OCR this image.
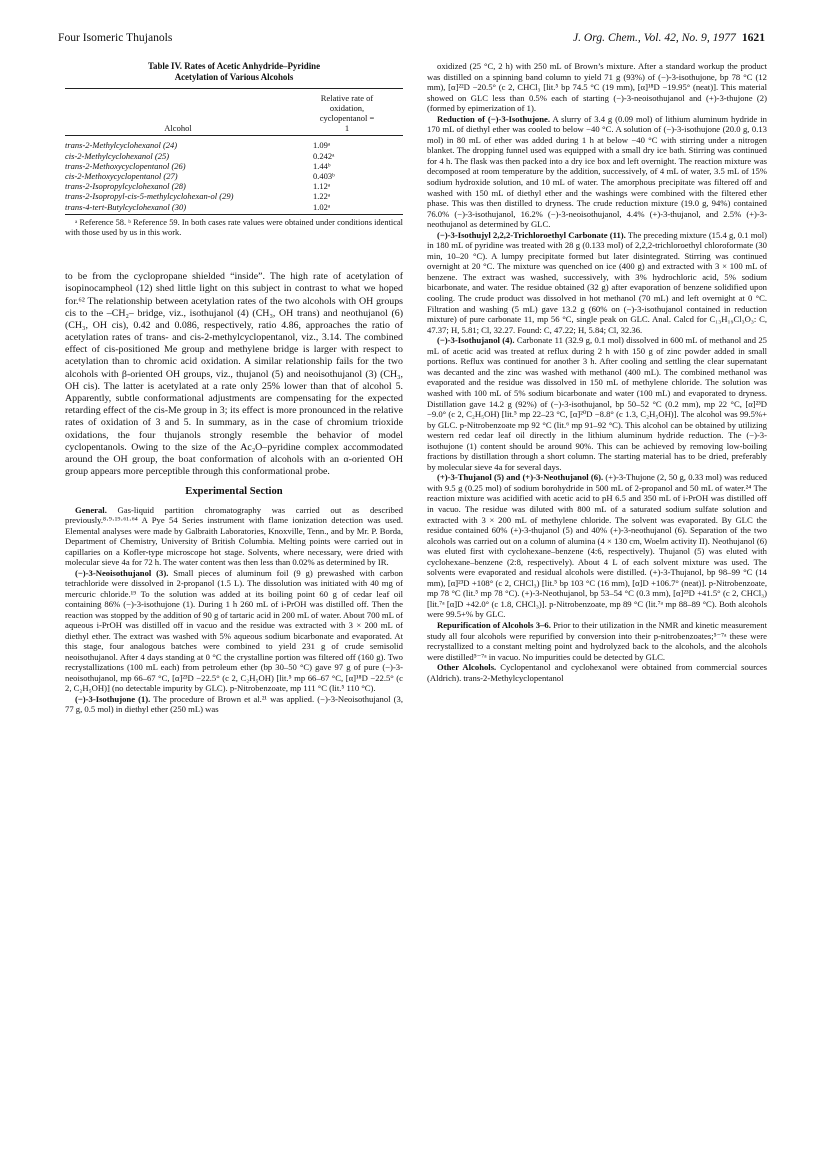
Four Isomeric Thujanols	J. Org. Chem., Vol. 42, No. 9, 1977 1621
Table IV. Rates of Acetic Anhydride–Pyridine
Acetylation of Various Alcohols

Alcohol	Relative rate of
oxidation,
cyclopentanol =
1

trans-2-Methylcyclohexanol (24)	1.09ᵃ
cis-2-Methylcyclohexanol (25)	0.242ᵃ
trans-2-Methoxycyclopentanol (26)	1.44ᵇ
cis-2-Methoxycyclopentanol (27)	0.403ᵇ
trans-2-Isopropylcyclohexanol (28)	1.12ᵃ
trans-2-Isopropyl-cis-5-methylcyclohexan-ol (29)	1.22ᵃ
trans-4-tert-Butylcyclohexanol (30)	1.02ᵃ
ᵃ Reference 58. ᵇ Reference 59. In both cases rate values were obtained under conditions identical with those used by us in this work.

to be from the cyclopropane shielded “inside”. The high rate of acetylation of isopinocampheol (12) shed little light on this subject in contrast to what we hoped for.⁶² The relationship between acetylation rates of the two alcohols with OH groups cis to the –CH₂– bridge, viz., isothujanol (4) (CH₃, OH trans) and neothujanol (6) (CH₃, OH cis), 0.42 and 0.086, respectively, ratio 4.86, approaches the ratio of acetylation rates of trans- and cis-2-methylcyclopentanol, viz., 3.14. The combined effect of cis-positioned Me group and methylene bridge is larger with respect to acetylation than to chromic acid oxidation. A similar relationship fails for the two alcohols with β-oriented OH groups, viz., thujanol (5) and neoisothujanol (3) (CH₃, OH cis). The latter is acetylated at a rate only 25% lower than that of alcohol 5. Apparently, subtle conformational adjustments are compensating for the expected retarding effect of the cis-Me group in 3; its effect is more pronounced in the relative rates of oxidation of 3 and 5. In summary, as in the case of chromium trioxide oxidations, the four thujanols strongly resemble the behavior of model cyclopentanols. Owing to the size of the Ac₂O–pyridine complex accommodated around the OH group, the boat conformation of alcohols with an α-oriented OH group appears more perceptible through this conformational probe.

Experimental Section

General. Gas-liquid partition chromatography was carried out as described previously.⁸·⁹·¹⁹·⁶¹·⁶⁴ A Pye 54 Series instrument with flame ionization detection was used. Elemental analyses were made by Galbraith Laboratories, Knoxville, Tenn., and by Mr. P. Borda, Department of Chemistry, University of British Columbia. Melting points were carried out in capillaries on a Kofler-type microscope hot stage. Solvents, where necessary, were dried with molecular sieve 4a for 72 h. The water content was then less than 0.02% as determined by IR.

(−)-3-Neoisothujanol (3). Small pieces of aluminum foil (9 g) prewashed with carbon tetrachloride were dissolved in 2-propanol (1.5 L). The dissolution was initiated with 40 mg of mercuric chloride.¹⁹ To the solution was added at its boiling point 60 g of cedar leaf oil containing 86% (−)-3-isothujone (1). During 1 h 260 mL of i-PrOH was distilled off. Then the reaction was stopped by the addition of 90 g of tartaric acid in 200 mL of water. About 700 mL of aqueous i-PrOH was distilled off in vacuo and the residue was extracted with 3 × 200 mL of diethyl ether. The extract was washed with 5% aqueous sodium bicarbonate and evaporated. At this stage, four analogous batches were combined to yield 231 g of crude semisolid neoisothujanol. After 4 days standing at 0 °C the crystalline portion was filtered off (160 g). Two recrystallizations (100 mL each) from petroleum ether (bp 30–50 °C) gave 97 g of pure (−)-3-neoisothujanol, mp 66–67 °C, [α]²³D −22.5° (c 2, C₂H₅OH) [lit.⁵ mp 66–67 °C, [α]¹⁸D −22.5° (c 2, C₂H₅OH)] (no detectable impurity by GLC). p-Nitrobenzoate, mp 111 °C (lit.⁵ 110 °C).

(−)-3-Isothujone (1). The procedure of Brown et al.²¹ was applied. (−)-3-Neoisothujanol (3, 77 g, 0.5 mol) in diethyl ether (250 mL) was

oxidized (25 °C, 2 h) with 250 mL of Brown’s mixture. After a standard workup the product was distilled on a spinning band column to yield 71 g (93%) of (−)-3-isothujone, bp 78 °C (12 mm), [α]²²D −20.5° (c 2, CHCl₃ [lit.⁵ bp 74.5 °C (19 mm), [α]¹⁸D −19.95° (neat)]. This material showed on GLC less than 0.5% each of starting (−)-3-neoisothujanol and (+)-3-thujone (2) (formed by epimerization of 1).

Reduction of (−)-3-Isothujone. A slurry of 3.4 g (0.09 mol) of lithium aluminum hydride in 170 mL of diethyl ether was cooled to below −40 °C. A solution of (−)-3-isothujone (20.0 g, 0.13 mol) in 80 mL of ether was added during 1 h at below −40 °C with stirring under a nitrogen blanket. The dropping funnel used was equipped with a small dry ice bath. Stirring was continued for 4 h. The flask was then packed into a dry ice box and left overnight. The reaction mixture was decomposed at room temperature by the addition, successively, of 4 mL of water, 3.5 mL of 15% sodium hydroxide solution, and 10 mL of water. The amorphous precipitate was filtered off and washed with 150 mL of diethyl ether and the washings were combined with the filtered ether phase. This was then distilled to dryness. The crude reduction mixture (19.0 g, 94%) contained 76.0% (−)-3-isothujanol, 16.2% (−)-3-neoisothujanol, 4.4% (+)-3-thujanol, and 2.5% (+)-3-neothujanol as determined by GLC.

(−)-3-Isothujyl 2,2,2-Trichloroethyl Carbonate (11). The preceding mixture (15.4 g, 0.1 mol) in 180 mL of pyridine was treated with 28 g (0.133 mol) of 2,2,2-trichloroethyl chloroformate (30 min, 10–20 °C). A lumpy precipitate formed but later disintegrated. Stirring was continued overnight at 20 °C. The mixture was quenched on ice (400 g) and extracted with 3 × 100 mL of benzene. The extract was washed, successively, with 3% hydrochloric acid, 5% sodium bicarbonate, and water. The residue obtained (32 g) after evaporation of benzene solidified upon cooling. The crude product was dissolved in hot methanol (70 mL) and left overnight at 0 °C. Filtration and washing (5 mL) gave 13.2 g (60% on (−)-3-isothujanol contained in reduction mixture) of pure carbonate 11, mp 56 °C, single peak on GLC. Anal. Calcd for C₁₃H₁₉Cl₃O₃: C, 47.37; H, 5.81; Cl, 32.27. Found: C, 47.22; H, 5.84; Cl, 32.36.

(−)-3-Isothujanol (4). Carbonate 11 (32.9 g, 0.1 mol) dissolved in 600 mL of methanol and 25 mL of acetic acid was treated at reflux during 2 h with 150 g of zinc powder added in small portions. Reflux was continued for another 3 h. After cooling and settling the clear supernatant was decanted and the zinc was washed with methanol (400 mL). The combined methanol was evaporated and the residue was dissolved in 150 mL of methylene chloride. The solution was washed with 100 mL of 5% sodium bicarbonate and water (100 mL) and evaporated to dryness. Distillation gave 14.2 g (92%) of (−)-3-isothujanol, bp 50–52 °C (0.2 mm), mp 22 °C, [α]²³D −9.0° (c 2, C₂H₅OH) [lit.⁵ mp 22–23 °C, [α]²⁰D −8.8° (c 1.3, C₂H₅OH)]. The alcohol was 99.5%+ by GLC. p-Nitrobenzoate mp 92 °C (lit.⁶ mp 91–92 °C). This alcohol can be obtained by utilizing western red cedar leaf oil directly in the lithium aluminum hydride reduction. The (−)-3-isothujone (1) content should be around 90%. This can be achieved by removing low-boiling fractions by distillation through a short column. The starting material has to be dried, preferably by molecular sieve 4a for several days.

(+)-3-Thujanol (5) and (+)-3-Neothujanol (6). (+)-3-Thujone (2, 50 g, 0.33 mol) was reduced with 9.5 g (0.25 mol) of sodium borohydride in 500 mL of 2-propanol and 50 mL of water.²⁴ The reaction mixture was acidified with acetic acid to pH 6.5 and 350 mL of i-PrOH was distilled off in vacuo. The residue was diluted with 800 mL of a saturated sodium sulfate solution and extracted with 3 × 200 mL of methylene chloride. The solvent was evaporated. By GLC the residue contained 60% (+)-3-thujanol (5) and 40% (+)-3-neothujanol (6). Separation of the two alcohols was carried out on a column of alumina (4 × 130 cm, Woelm activity II). Neothujanol (6) was eluted first with cyclohexane–benzene (4:6, respectively). Thujanol (5) was eluted with cyclohexane–benzene (2:8, respectively). About 4 L of each solvent mixture was used. The solvents were evaporated and residual alcohols were distilled. (+)-3-Thujanol, bp 98–99 °C (14 mm), [α]²³D +108° (c 2, CHCl₃) [lit.⁵ bp 103 °C (16 mm), [α]D +106.7° (neat)]. p-Nitrobenzoate, mp 78 °C (lit.⁵ mp 78 °C). (+)-3-Neothujanol, bp 53–54 °C (0.3 mm), [α]²³D +41.5° (c 2, CHCl₃) [lit.⁷ᵃ [α]D +42.0° (c 1.8, CHCl₃)]. p-Nitrobenzoate, mp 89 °C (lit.⁷ᵃ mp 88–89 °C). Both alcohols were 99.5+% by GLC.

Repurification of Alcohols 3–6. Prior to their utilization in the NMR and kinetic measurement study all four alcohols were repurified by conversion into their p-nitrobenzoates;⁵⁻⁷ᵃ these were recrystallized to a constant melting point and hydrolyzed back to the alcohols, and the alcohols were distilled⁵⁻⁷ᵃ in vacuo. No impurities could be detected by GLC.

Other Alcohols. Cyclopentanol and cyclohexanol were obtained from commercial sources (Aldrich). trans-2-Methylcyclopentanol
